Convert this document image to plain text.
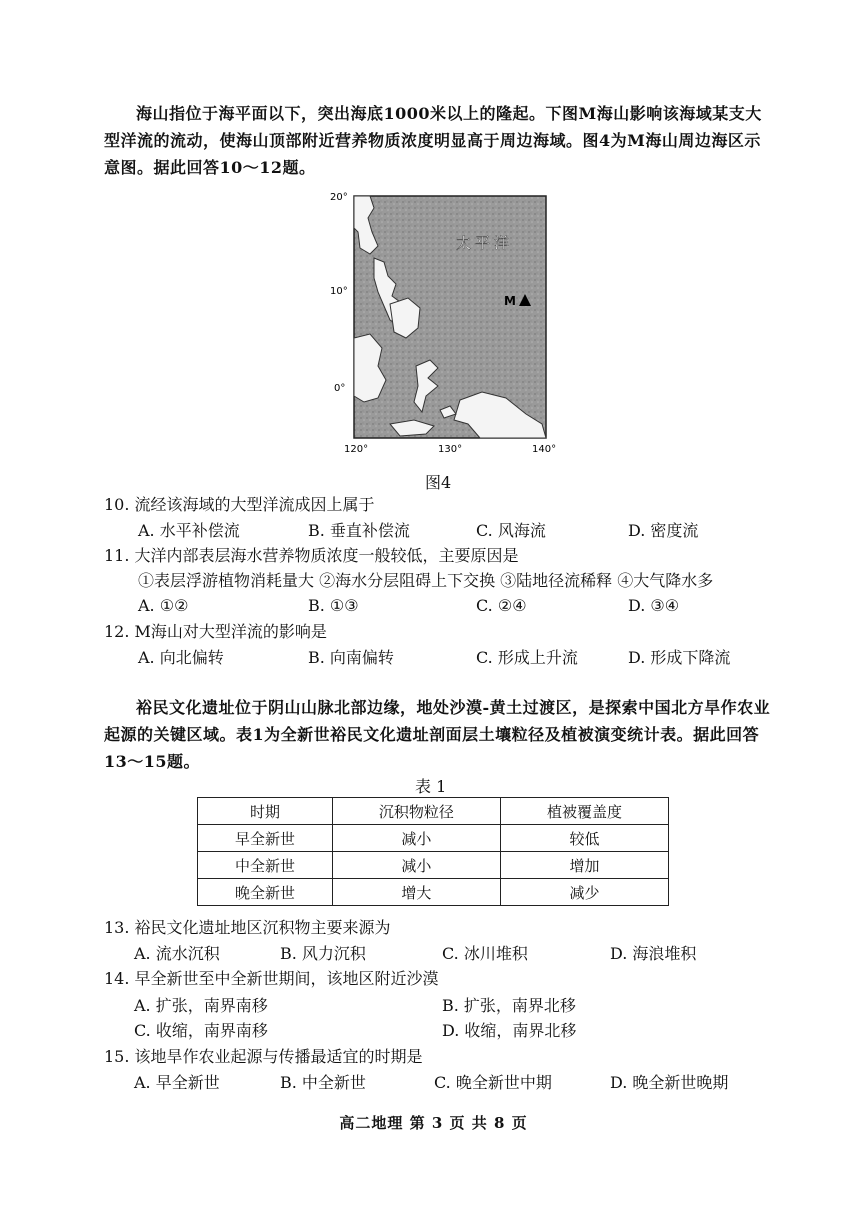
海山指位于海平面以下，突出海底1000米以上的隆起。下图M海山影响该海域某支大型洋流的流动，使海山顶部附近营养物质浓度明显高于周边海域。图4为M海山周边海区示意图。据此回答10～12题。
太平洋
M
20°
10°
0°
120°	130°	140°
图4
10. 流经该海域的大型洋流成因上属于
A. 水平补偿流	B. 垂直补偿流	C. 风海流	D. 密度流
11. 大洋内部表层海水营养物质浓度一般较低，主要原因是
①表层浮游植物消耗量大 ②海水分层阻碍上下交换 ③陆地径流稀释 ④大气降水多
A. ①②	B. ①③	C. ②④	D. ③④
12. M海山对大型洋流的影响是
A. 向北偏转	B. 向南偏转	C. 形成上升流	D. 形成下降流
裕民文化遗址位于阴山山脉北部边缘，地处沙漠-黄土过渡区，是探索中国北方旱作农业起源的关键区域。表1为全新世裕民文化遗址剖面层土壤粒径及植被演变统计表。据此回答13～15题。
表 1
时期	沉积物粒径	植被覆盖度
早全新世	减小	较低
中全新世	减小	增加
晚全新世	增大	减少
13. 裕民文化遗址地区沉积物主要来源为
A. 流水沉积	B. 风力沉积	C. 冰川堆积	D. 海浪堆积
14. 早全新世至中全新世期间，该地区附近沙漠
A. 扩张，南界南移	B. 扩张，南界北移
C. 收缩，南界南移	D. 收缩，南界北移
15. 该地旱作农业起源与传播最适宜的时期是
A. 早全新世	B. 中全新世	C. 晚全新世中期	D. 晚全新世晚期
高二地理 第 3 页 共 8 页
